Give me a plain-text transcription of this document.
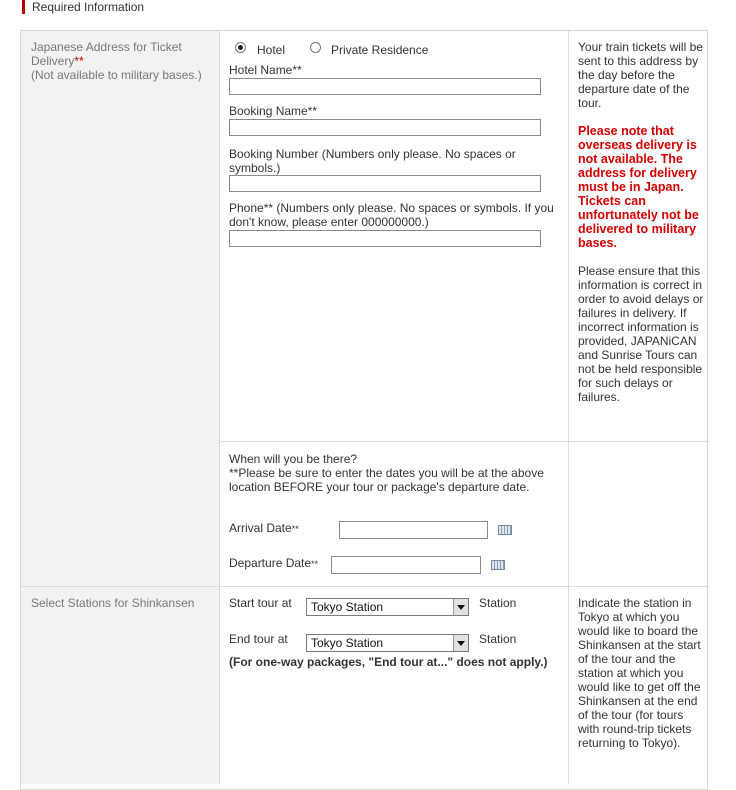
Required Information
Japanese Address for Ticket Delivery**
(Not available to military bases.)
Hotel	Private Residence
Hotel Name**
Booking Name**
Booking Number (Numbers only please. No spaces or symbols.)
Phone** (Numbers only please. No spaces or symbols. If you don't know, please enter 000000000.)
Your train tickets will be sent to this address by the day before the departure date of the tour.
Please note that overseas delivery is not available. The address for delivery must be in Japan. Tickets can unfortunately not be delivered to military bases.
Please ensure that this information is correct in order to avoid delays or failures in delivery. If incorrect information is provided, JAPANiCAN and Sunrise Tours can not be held responsible for such delays or failures.
When will you be there?
**Please be sure to enter the dates you will be at the above location BEFORE your tour or package's departure date.
Arrival Date**
Departure Date**
Select Stations for Shinkansen	Start tour at	Tokyo Station	Station
End tour at	Tokyo Station	Station
(For one-way packages, "End tour at..." does not apply.)
Indicate the station in Tokyo at which you would like to board the Shinkansen at the start of the tour and the station at which you would like to get off the Shinkansen at the end of the tour (for tours with round-trip tickets returning to Tokyo).
